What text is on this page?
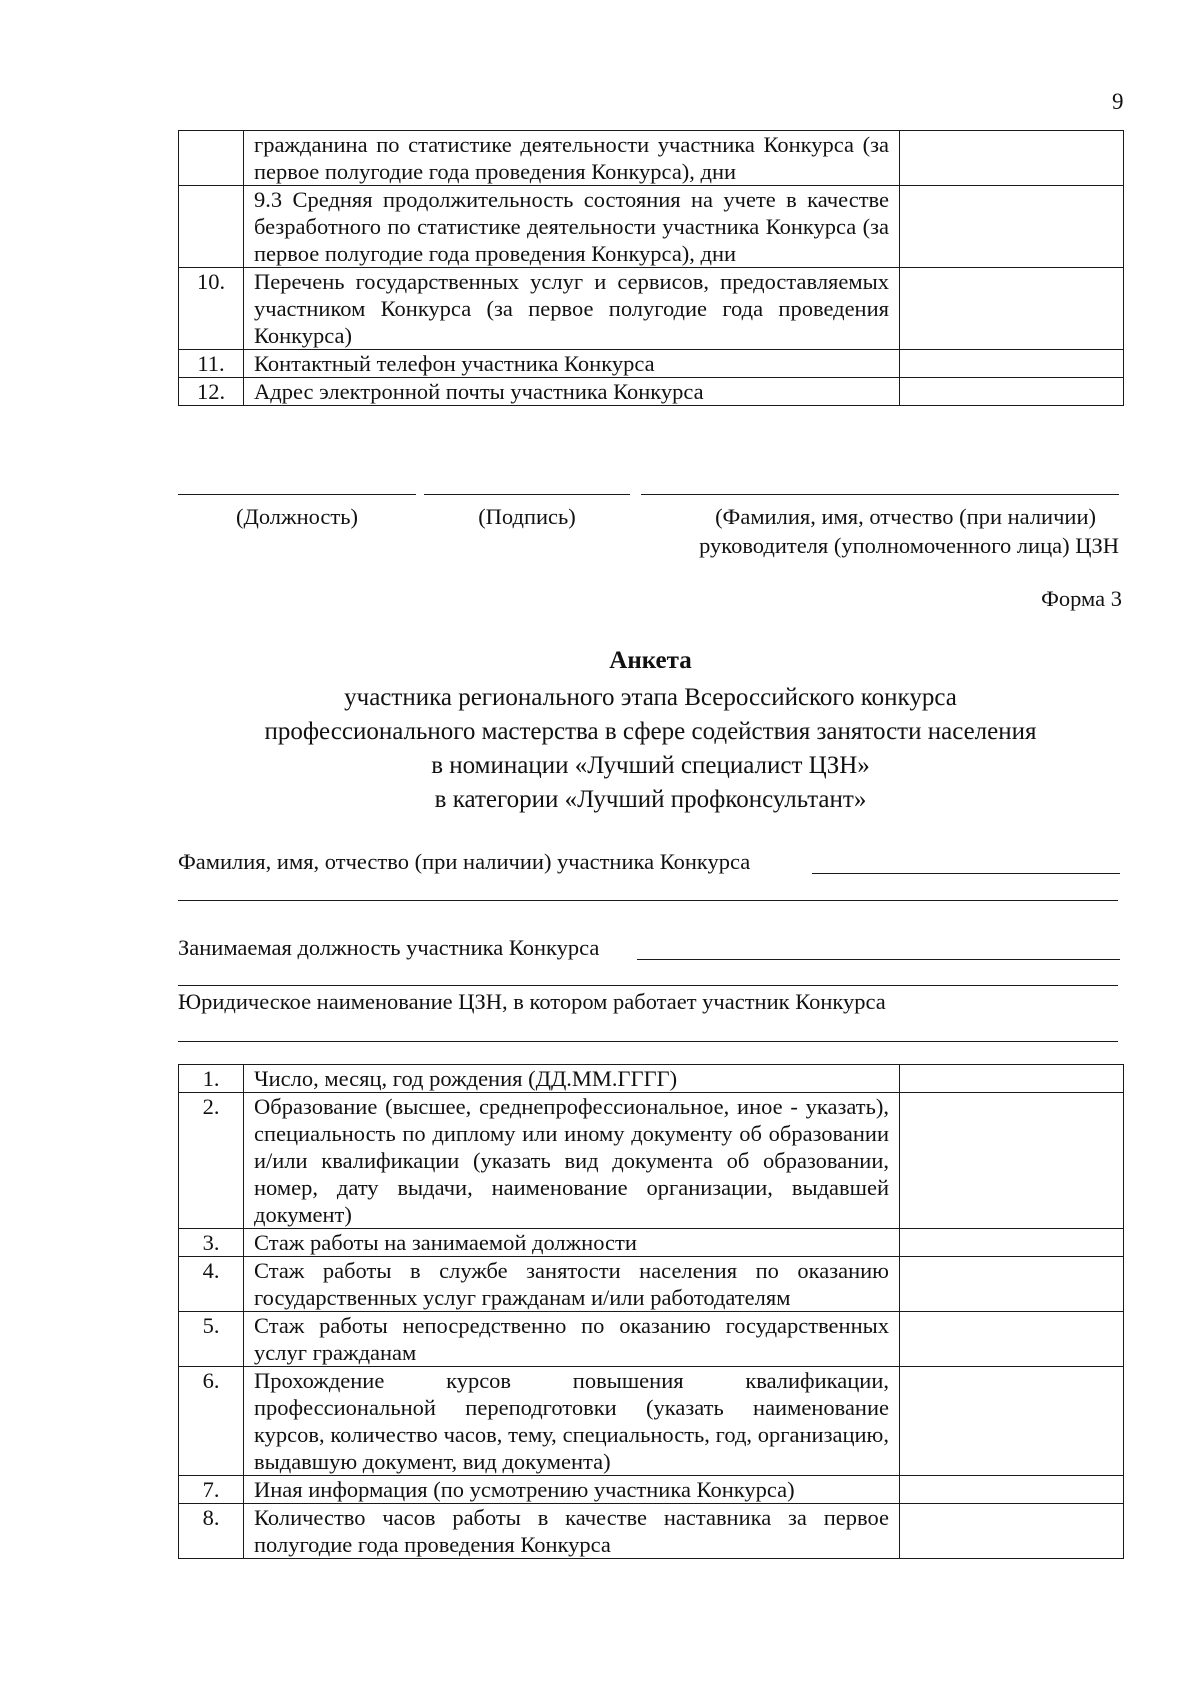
9
	гражданина по статистике деятельности участника Конкурса (за первое полугодие года проведения Конкурса), дни	
	9.3 Средняя продолжительность состояния на учете в качестве безработного по статистике деятельности участника Конкурса (за первое полугодие года проведения Конкурса), дни	
10.	Перечень государственных услуг и сервисов, предоставляемых участником Конкурса (за первое полугодие года проведения Конкурса)	
11.	Контактный телефон участника Конкурса	
12.	Адрес электронной почты участника Конкурса	
(Должность)	(Подпись)	(Фамилия, имя, отчество (при наличии)
руководителя (уполномоченного лица) ЦЗН
Форма 3
Анкета
участника регионального этапа Всероссийского конкурса
профессионального мастерства в сфере содействия занятости населения
в номинации «Лучший специалист ЦЗН»
в категории «Лучший профконсультант»
Фамилия, имя, отчество (при наличии) участника Конкурса
Занимаемая должность участника Конкурса
Юридическое наименование ЦЗН, в котором работает участник Конкурса
1.	Число, месяц, год рождения (ДД.ММ.ГГГГ)	
2.	Образование (высшее, среднепрофессиональное, иное - указать), специальность по диплому или иному документу об образовании и/или квалификации (указать вид документа об образовании, номер, дату выдачи, наименование организации, выдавшей документ)	
3.	Стаж работы на занимаемой должности	
4.	Стаж работы в службе занятости населения по оказанию государственных услуг гражданам и/или работодателям	
5.	Стаж работы непосредственно по оказанию государственных услуг гражданам	
6.	Прохождение курсов повышения квалификации, профессиональной переподготовки (указать наименование курсов, количество часов, тему, специальность, год, организацию, выдавшую документ, вид документа)	
7.	Иная информация (по усмотрению участника Конкурса)	
8.	Количество часов работы в качестве наставника за первое полугодие года проведения Конкурса	
